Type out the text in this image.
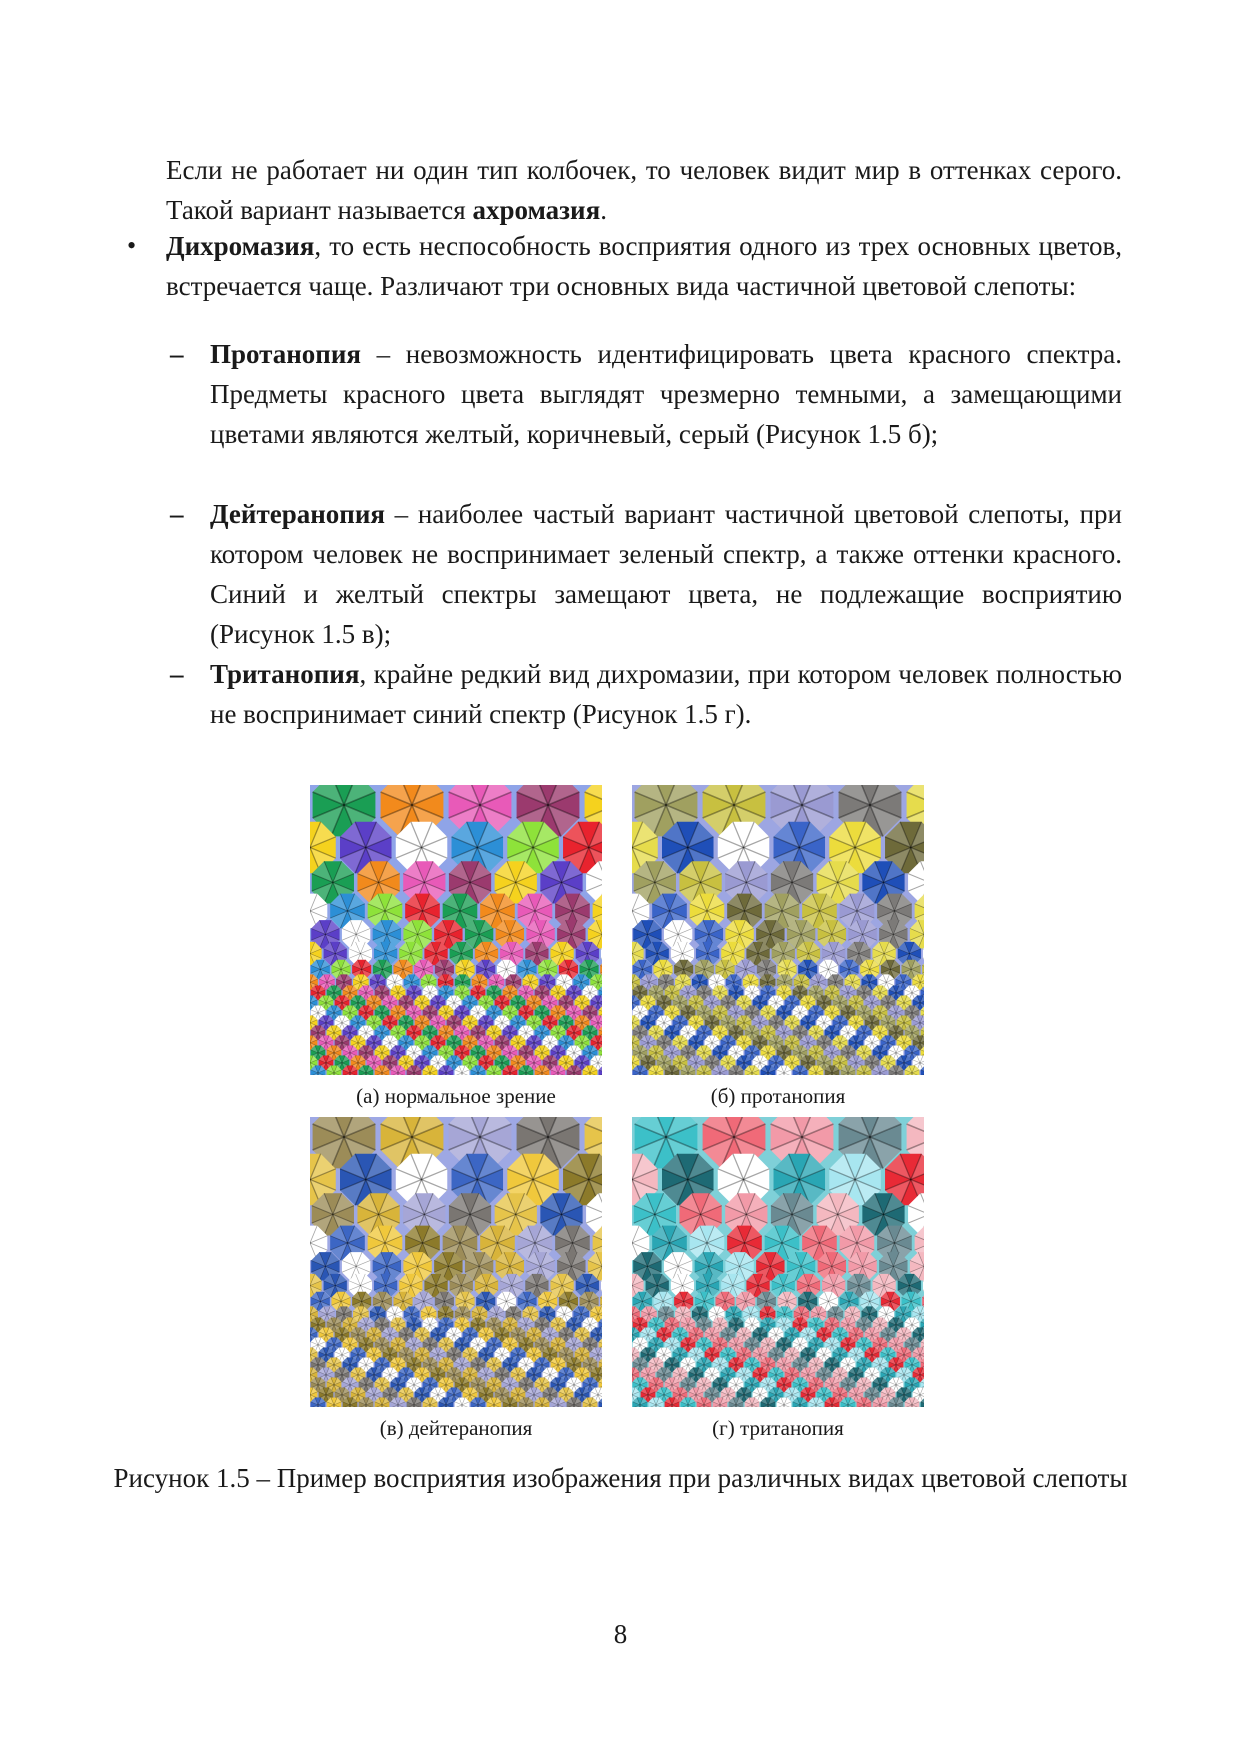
Если не работает ни один тип колбочек, то человек видит мир в оттенках серого. Такой вариант называется ахромазия.
• Дихромазия, то есть неспособность восприятия одного из трех основных цветов, встречается чаще. Различают три основных вида частичной цветовой слепоты:
– Протанопия – невозможность идентифицировать цвета красного спектра. Предметы красного цвета выглядят чрезмерно темными, а замещающими цветами являются желтый, коричневый, серый (Рисунок 1.5 б);
– Дейтеранопия – наиболее частый вариант частичной цветовой слепоты, при котором человек не воспринимает зеленый спектр, а также оттенки красного. Синий и желтый спектры замещают цвета, не подлежащие восприятию (Рисунок 1.5 в);
– Тританопия, крайне редкий вид дихромазии, при котором человек полностью не воспринимает синий спектр (Рисунок 1.5 г).
(а) нормальное зрение	(б) протанопия
(в) дейтеранопия	(г) тританопия
Рисунок 1.5 – Пример восприятия изображения при различных видах цветовой слепоты
8
